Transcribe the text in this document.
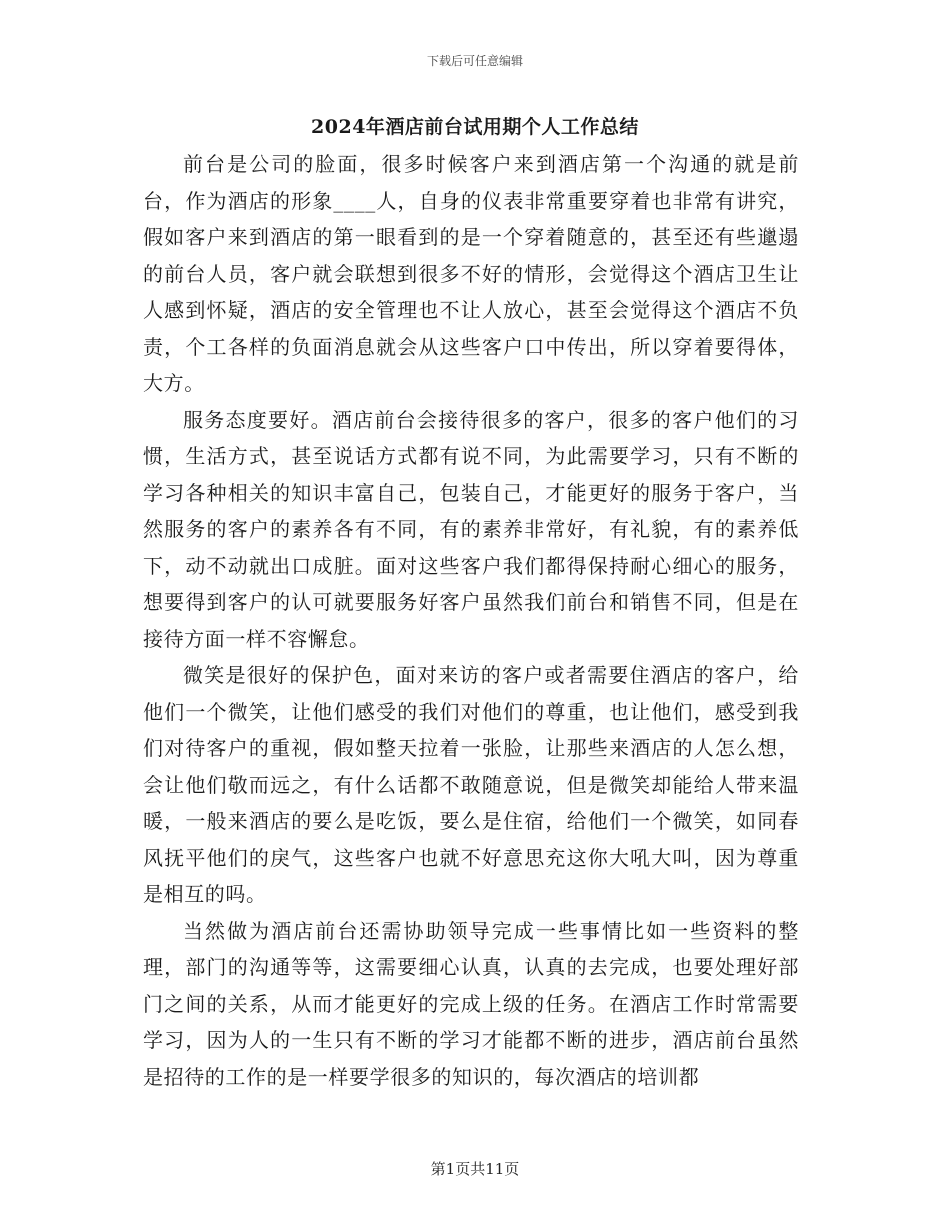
下载后可任意编辑
2024年酒店前台试用期个人工作总结

前台是公司的脸面，很多时候客户来到酒店第一个沟通的就是前台，作为酒店的形象____人，自身的仪表非常重要穿着也非常有讲究，假如客户来到酒店的第一眼看到的是一个穿着随意的，甚至还有些邋遢的前台人员，客户就会联想到很多不好的情形，会觉得这个酒店卫生让人感到怀疑，酒店的安全管理也不让人放心，甚至会觉得这个酒店不负责，个工各样的负面消息就会从这些客户口中传出，所以穿着要得体，大方。

服务态度要好。酒店前台会接待很多的客户，很多的客户他们的习惯，生活方式，甚至说话方式都有说不同，为此需要学习，只有不断的学习各种相关的知识丰富自己，包装自己，才能更好的服务于客户，当然服务的客户的素养各有不同，有的素养非常好，有礼貌，有的素养低下，动不动就出口成脏。面对这些客户我们都得保持耐心细心的服务，想要得到客户的认可就要服务好客户虽然我们前台和销售不同，但是在接待方面一样不容懈怠。

微笑是很好的保护色，面对来访的客户或者需要住酒店的客户，给他们一个微笑，让他们感受的我们对他们的尊重，也让他们，感受到我们对待客户的重视，假如整天拉着一张脸，让那些来酒店的人怎么想，会让他们敬而远之，有什么话都不敢随意说，但是微笑却能给人带来温暖，一般来酒店的要么是吃饭，要么是住宿，给他们一个微笑，如同春风抚平他们的戾气，这些客户也就不好意思充这你大吼大叫，因为尊重是相互的吗。

当然做为酒店前台还需协助领导完成一些事情比如一些资料的整理，部门的沟通等等，这需要细心认真，认真的去完成，也要处理好部门之间的关系，从而才能更好的完成上级的任务。在酒店工作时常需要学习，因为人的一生只有不断的学习才能都不断的进步，酒店前台虽然是招待的工作的是一样要学很多的知识的，每次酒店的培训都

第1页共11页
